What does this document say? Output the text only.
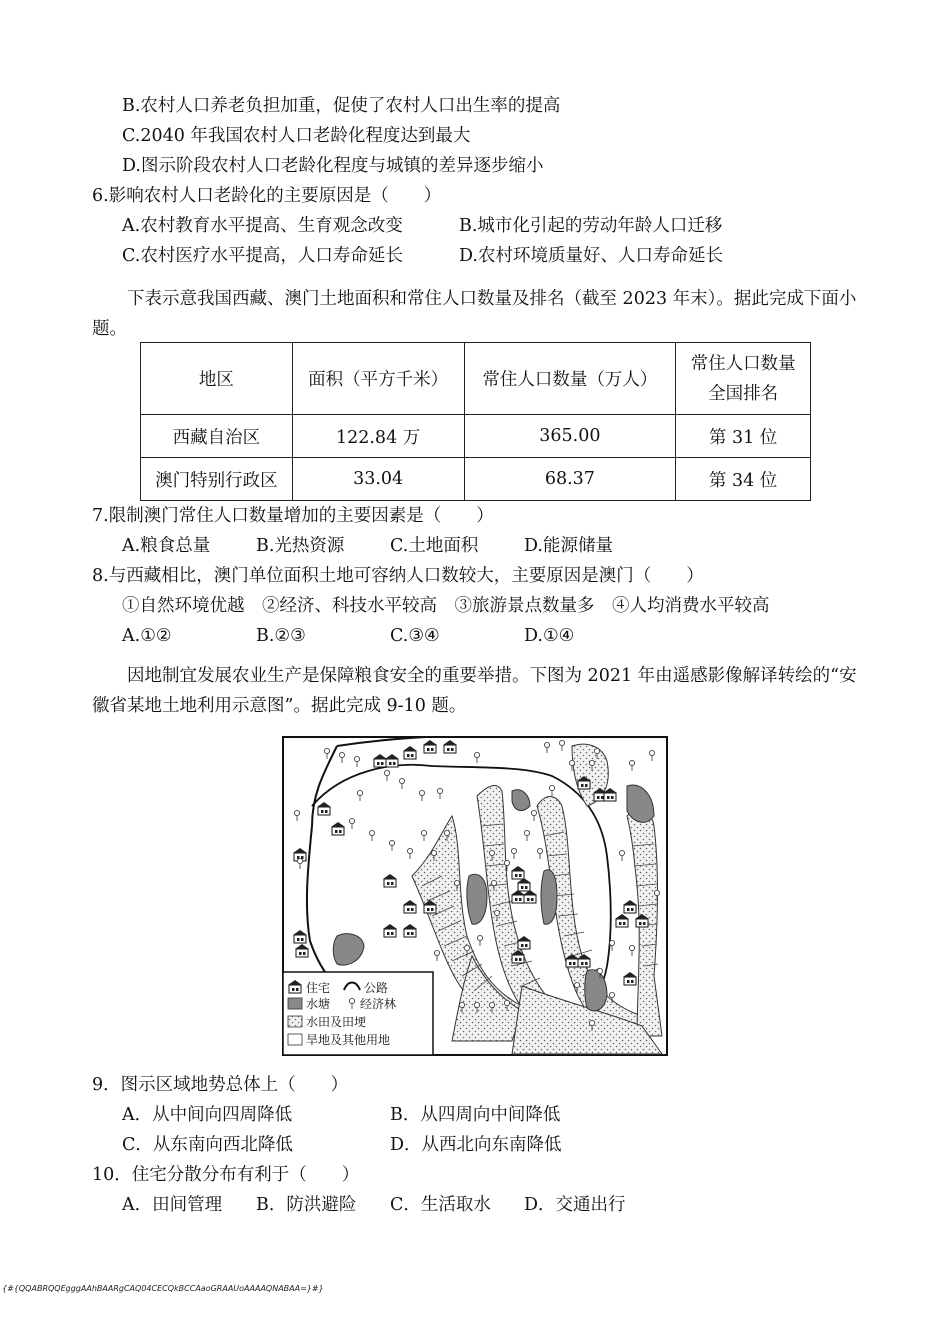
B.农村人口养老负担加重，促使了农村人口出生率的提高
C.2040 年我国农村人口老龄化程度达到最大
D.图示阶段农村人口老龄化程度与城镇的差异逐步缩小
6.影响农村人口老龄化的主要原因是（　　）
A.农村教育水平提高、生育观念改变	B.城市化引起的劳动年龄人口迁移
C.农村医疗水平提高，人口寿命延长	D.农村环境质量好、人口寿命延长
下表示意我国西藏、澳门土地面积和常住人口数量及排名（截至 2023 年末）。据此完成下面小题。
地区	面积（平方千米）	常住人口数量（万人）	常住人口数量
全国排名

西藏自治区	122.84 万	365.00	第 31 位
澳门特别行政区	33.04	68.37	第 34 位
7.限制澳门常住人口数量增加的主要因素是（　　）
A.粮食总量	B.光热资源	C.土地面积	D.能源储量
8.与西藏相比，澳门单位面积土地可容纳人口数较大，主要原因是澳门（　　）
①自然环境优越　②经济、科技水平较高　③旅游景点数量多　④人均消费水平较高
A.①②	B.②③	C.③④	D.①④
因地制宜发展农业生产是保障粮食安全的重要举措。下图为 2021 年由遥感影像解译转绘的“安徽省某地土地利用示意图”。据此完成 9-10 题。
住宅	公路
水塘 经济林
水田及田埂
旱地及其他用地
9．图示区域地势总体上（　　）
A．从中间向四周降低	B．从四周向中间降低
C．从东南向西北降低	D．从西北向东南降低
10．住宅分散分布有利于（　　）
A．田间管理 B．防洪避险 C．生活取水 D．交通出行
{#{QQABRQQEgggAAhBAARgCAQ04CECQkBCCAaoGRAAUoAAAAQNABAA=}#}
